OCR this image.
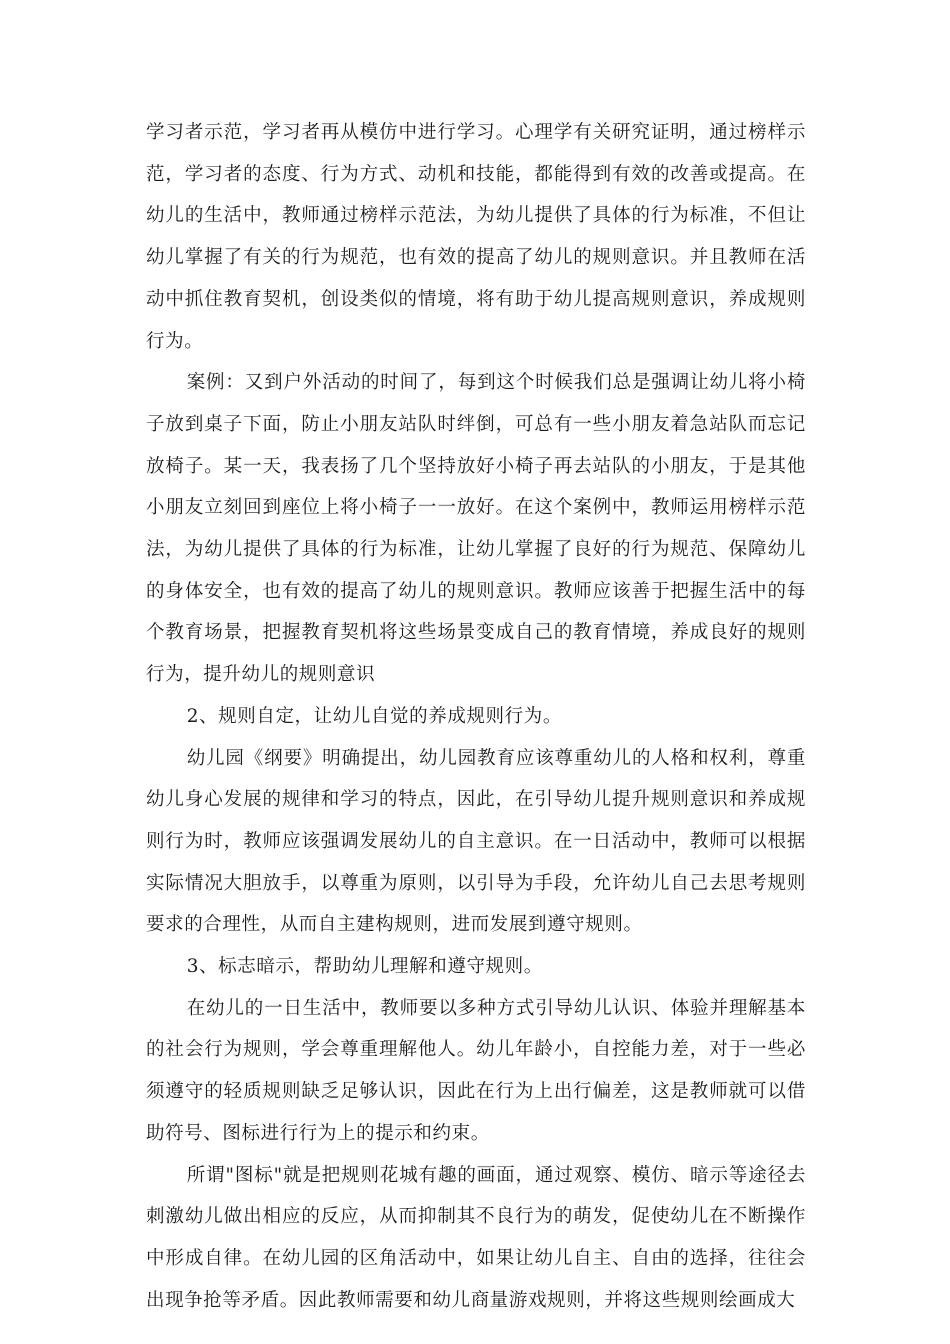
学习者示范，学习者再从模仿中进行学习。心理学有关研究证明，通过榜样示范，学习者的态度、行为方式、动机和技能，都能得到有效的改善或提高。在幼儿的生活中，教师通过榜样示范法，为幼儿提供了具体的行为标准，不但让幼儿掌握了有关的行为规范，也有效的提高了幼儿的规则意识。并且教师在活动中抓住教育契机，创设类似的情境，将有助于幼儿提高规则意识，养成规则行为。

案例：又到户外活动的时间了，每到这个时候我们总是强调让幼儿将小椅子放到桌子下面，防止小朋友站队时绊倒，可总有一些小朋友着急站队而忘记放椅子。某一天，我表扬了几个坚持放好小椅子再去站队的小朋友，于是其他小朋友立刻回到座位上将小椅子一一放好。在这个案例中，教师运用榜样示范法，为幼儿提供了具体的行为标准，让幼儿掌握了良好的行为规范、保障幼儿的身体安全，也有效的提高了幼儿的规则意识。教师应该善于把握生活中的每个教育场景，把握教育契机将这些场景变成自己的教育情境，养成良好的规则行为，提升幼儿的规则意识

2、规则自定，让幼儿自觉的养成规则行为。

幼儿园《纲要》明确提出，幼儿园教育应该尊重幼儿的人格和权利，尊重幼儿身心发展的规律和学习的特点，因此，在引导幼儿提升规则意识和养成规则行为时，教师应该强调发展幼儿的自主意识。在一日活动中，教师可以根据实际情况大胆放手，以尊重为原则，以引导为手段，允许幼儿自己去思考规则要求的合理性，从而自主建构规则，进而发展到遵守规则。

3、标志暗示，帮助幼儿理解和遵守规则。

在幼儿的一日生活中，教师要以多种方式引导幼儿认识、体验并理解基本的社会行为规则，学会尊重理解他人。幼儿年龄小，自控能力差，对于一些必须遵守的轻质规则缺乏足够认识，因此在行为上出行偏差，这是教师就可以借助符号、图标进行行为上的提示和约束。

所谓"图标"就是把规则花城有趣的画面，通过观察、模仿、暗示等途径去刺激幼儿做出相应的反应，从而抑制其不良行为的萌发，促使幼儿在不断操作中形成自律。在幼儿园的区角活动中，如果让幼儿自主、自由的选择，往往会出现争抢等矛盾。因此教师需要和幼儿商量游戏规则，并将这些规则绘画成大
